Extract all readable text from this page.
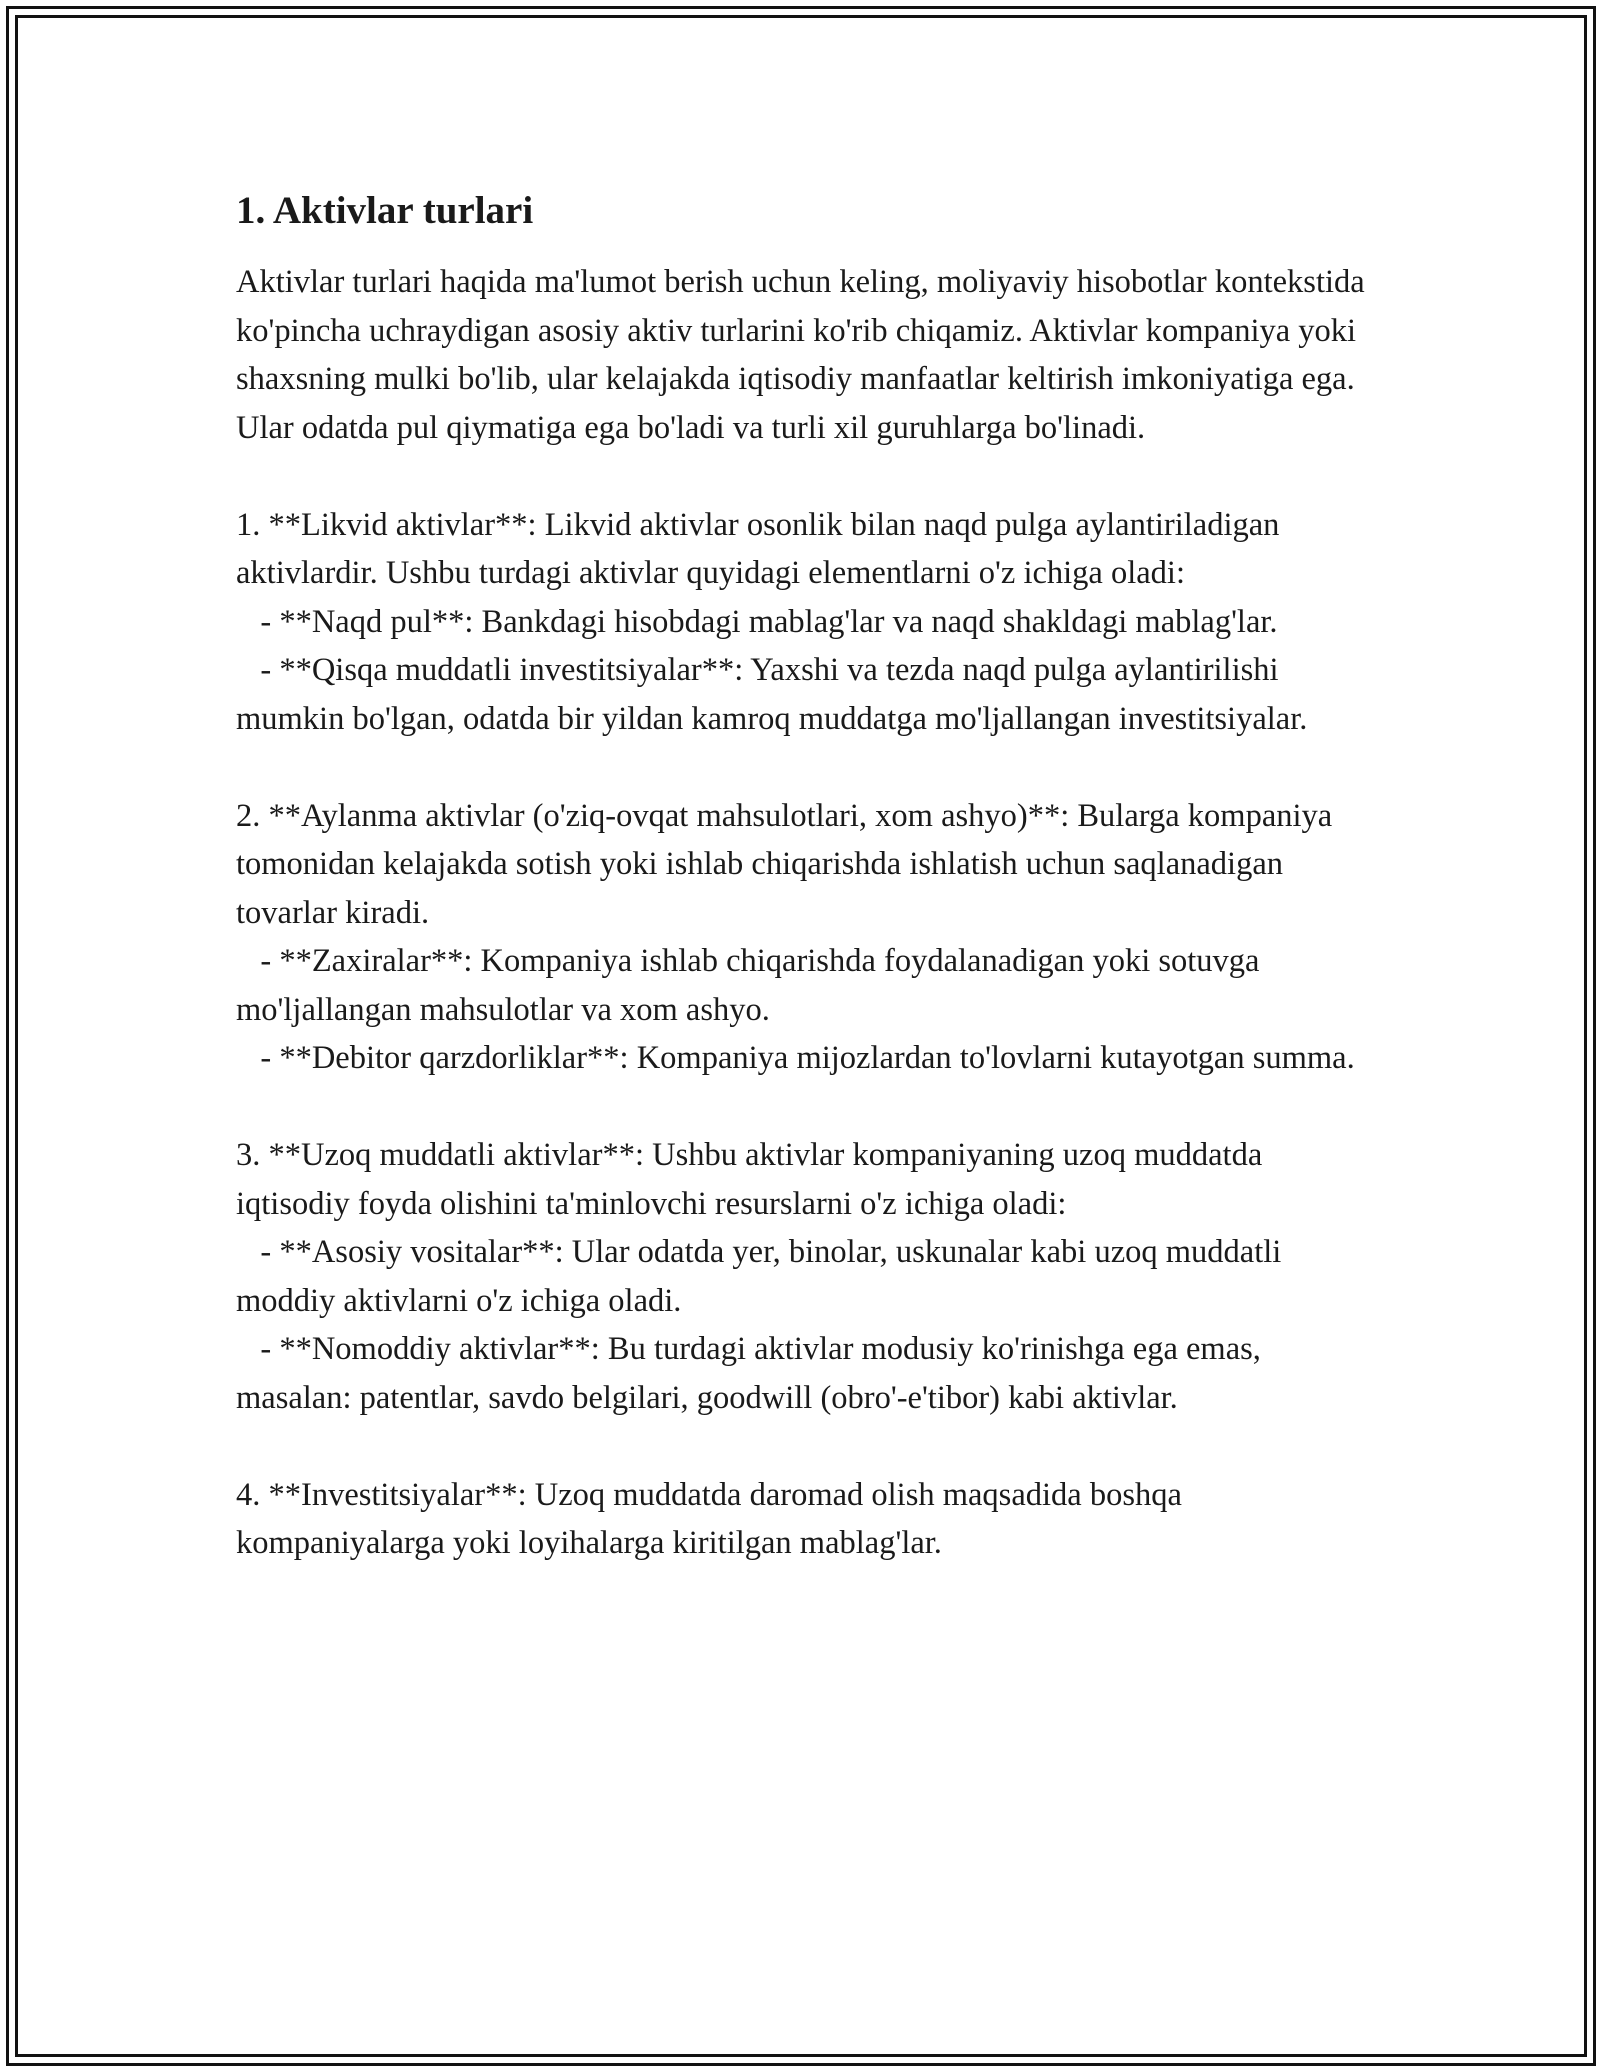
1. Aktivlar turlari

Aktivlar turlari haqida ma'lumot berish uchun keling, moliyaviy hisobotlar kontekstida ko'pincha uchraydigan asosiy aktiv turlarini ko'rib chiqamiz. Aktivlar kompaniya yoki shaxsning mulki bo'lib, ular kelajakda iqtisodiy manfaatlar keltirish imkoniyatiga ega. Ular odatda pul qiymatiga ega bo'ladi va turli xil guruhlarga bo'linadi.

1. **Likvid aktivlar**: Likvid aktivlar osonlik bilan naqd pulga aylantiriladigan aktivlardir. Ushbu turdagi aktivlar quyidagi elementlarni o'z ichiga oladi:

- **Naqd pul**: Bankdagi hisobdagi mablag'lar va naqd shakldagi mablag'lar.

- **Qisqa muddatli investitsiyalar**: Yaxshi va tezda naqd pulga aylantirilishi mumkin bo'lgan, odatda bir yildan kamroq muddatga mo'ljallangan investitsiyalar.

2. **Aylanma aktivlar (o'ziq-ovqat mahsulotlari, xom ashyo)**: Bularga kompaniya tomonidan kelajakda sotish yoki ishlab chiqarishda ishlatish uchun saqlanadigan tovarlar kiradi.

- **Zaxiralar**: Kompaniya ishlab chiqarishda foydalanadigan yoki sotuvga mo'ljallangan mahsulotlar va xom ashyo.

- **Debitor qarzdorliklar**: Kompaniya mijozlardan to'lovlarni kutayotgan summa.

3. **Uzoq muddatli aktivlar**: Ushbu aktivlar kompaniyaning uzoq muddatda iqtisodiy foyda olishini ta'minlovchi resurslarni o'z ichiga oladi:

- **Asosiy vositalar**: Ular odatda yer, binolar, uskunalar kabi uzoq muddatli moddiy aktivlarni o'z ichiga oladi.

- **Nomoddiy aktivlar**: Bu turdagi aktivlar modusiy ko'rinishga ega emas, masalan: patentlar, savdo belgilari, goodwill (obro'-e'tibor) kabi aktivlar.

4. **Investitsiyalar**: Uzoq muddatda daromad olish maqsadida boshqa kompaniyalarga yoki loyihalarga kiritilgan mablag'lar.
